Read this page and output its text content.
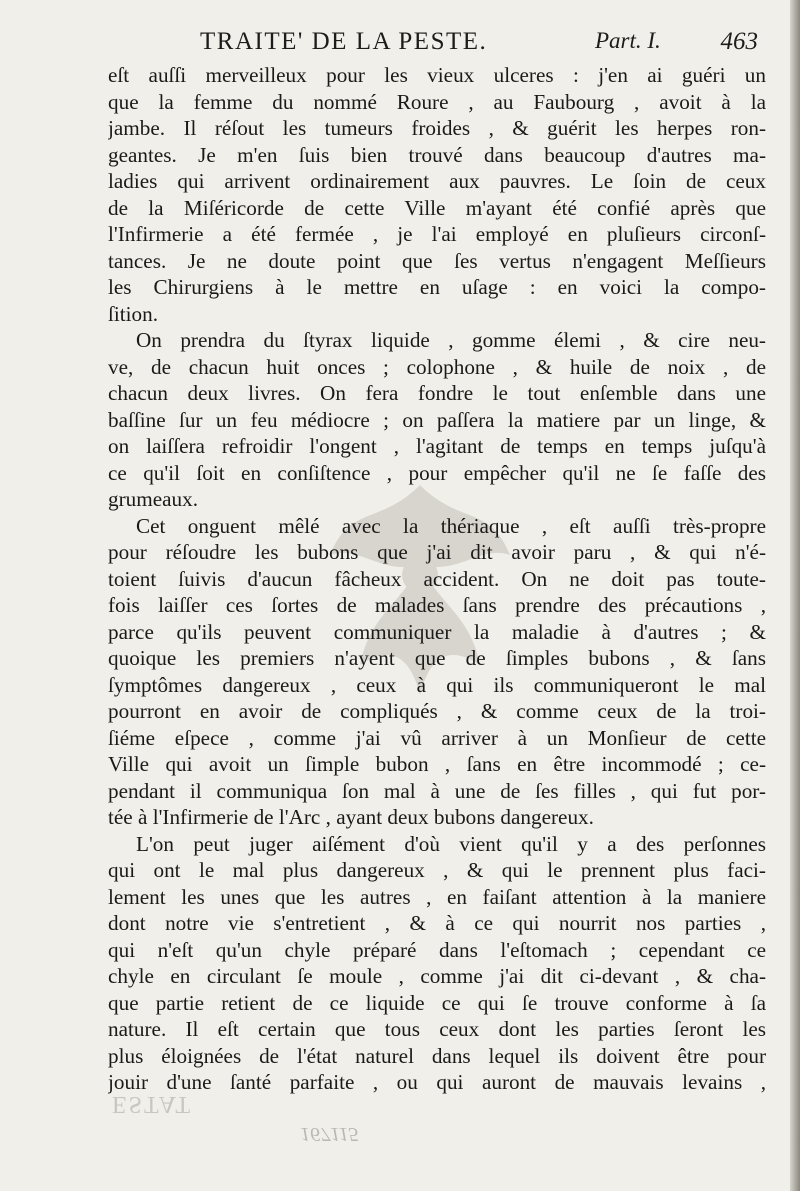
TRAITE' DE LA PESTE.	Part. I. 463
eſt auſſi merveilleux pour les vieux ulceres : j'en ai guéri un
que la femme du nommé Roure , au Faubourg , avoit à la
jambe. Il réſout les tumeurs froides , & guérit les herpes ron-
geantes. Je m'en ſuis bien trouvé dans beaucoup d'autres ma-
ladies qui arrivent ordinairement aux pauvres. Le ſoin de ceux
de la Miſéricorde de cette Ville m'ayant été confié après que
l'Infirmerie a été fermée , je l'ai employé en pluſieurs circonſ-
tances. Je ne doute point que ſes vertus n'engagent Meſſieurs
les Chirurgiens à le mettre en uſage : en voici la compo-
ſition.
On prendra du ſtyrax liquide , gomme élemi , & cire neu-
ve, de chacun huit onces ; colophone , & huile de noix , de
chacun deux livres. On fera fondre le tout enſemble dans une
baſſine ſur un feu médiocre ; on paſſera la matiere par un linge, &
on laiſſera refroidir l'ongent , l'agitant de temps en temps juſqu'à
ce qu'il ſoit en conſiſtence , pour empêcher qu'il ne ſe faſſe des
grumeaux.
Cet onguent mêlé avec la thériaque , eſt auſſi très-propre
pour réſoudre les bubons que j'ai dit avoir paru , & qui n'é-
toient ſuivis d'aucun fâcheux accident. On ne doit pas toute-
fois laiſſer ces ſortes de malades ſans prendre des précautions ,
parce qu'ils peuvent communiquer la maladie à d'autres ; &
quoique les premiers n'ayent que de ſimples bubons , & ſans
ſymptômes dangereux , ceux à qui ils communiqueront le mal
pourront en avoir de compliqués , & comme ceux de la troi-
ſiéme eſpece , comme j'ai vû arriver à un Monſieur de cette
Ville qui avoit un ſimple bubon , ſans en être incommodé ; ce-
pendant il communiqua ſon mal à une de ſes filles , qui fut por-
tée à l'Infirmerie de l'Arc , ayant deux bubons dangereux.
L'on peut juger aiſément d'où vient qu'il y a des perſonnes
qui ont le mal plus dangereux , & qui le prennent plus faci-
lement les unes que les autres , en faiſant attention à la maniere
dont notre vie s'entretient , & à ce qui nourrit nos parties ,
qui n'eſt qu'un chyle préparé dans l'eſtomach ; cependant ce
chyle en circulant ſe moule , comme j'ai dit ci-devant , & cha-
que partie retient de ce liquide ce qui ſe trouve conforme à ſa
nature. Il eſt certain que tous ceux dont les parties ſeront les
plus éloignées de l'état naturel dans lequel ils doivent être pour
jouir d'une ſanté parfaite , ou qui auront de mauvais levains ,
ESTAT
167115
